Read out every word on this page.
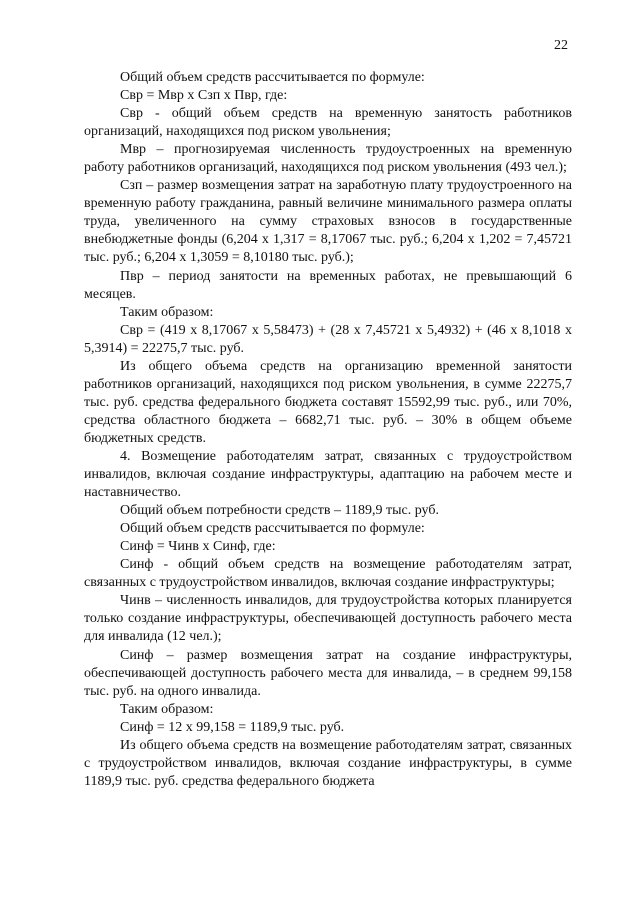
22

Общий объем средств рассчитывается по формуле:

Свр = Мвр х Сзп х Пвр, где:

Свр - общий объем средств на временную занятость работников организаций, находящихся под риском увольнения;

Мвр – прогнозируемая численность трудоустроенных на временную работу работников организаций, находящихся под риском увольнения (493 чел.);

Сзп – размер возмещения затрат на заработную плату трудоустроенного на временную работу гражданина, равный величине минимального размера оплаты труда, увеличенного на сумму страховых взносов в государственные внебюджетные фонды (6,204 х 1,317 = 8,17067 тыс. руб.; 6,204 х 1,202 = 7,45721 тыс. руб.; 6,204 х 1,3059 = 8,10180 тыс. руб.);

Пвр – период занятости на временных работах, не превышающий 6 месяцев.

Таким образом:

Свр = (419 х 8,17067 х 5,58473) + (28 х 7,45721 х 5,4932) + (46 х 8,1018 х 5,3914) = 22275,7 тыс. руб.

Из общего объема средств на организацию временной занятости работников организаций, находящихся под риском увольнения, в сумме 22275,7 тыс. руб. средства федерального бюджета составят 15592,99 тыс. руб., или 70%, средства областного бюджета – 6682,71 тыс. руб. – 30% в общем объеме бюджетных средств.

4. Возмещение работодателям затрат, связанных с трудоустройством инвалидов, включая создание инфраструктуры, адаптацию на рабочем месте и наставничество.

Общий объем потребности средств – 1189,9 тыс. руб.

Общий объем средств рассчитывается по формуле:

Синф = Чинв х Синф, где:

Синф - общий объем средств на возмещение работодателям затрат, связанных с трудоустройством инвалидов, включая создание инфраструктуры;

Чинв – численность инвалидов, для трудоустройства которых планируется только создание инфраструктуры, обеспечивающей доступность рабочего места для инвалида (12 чел.);

Синф – размер возмещения затрат на создание инфраструктуры, обеспечивающей доступность рабочего места для инвалида, – в среднем 99,158 тыс. руб. на одного инвалида.

Таким образом:

Синф = 12 х 99,158 = 1189,9 тыс. руб.

Из общего объема средств на возмещение работодателям затрат, связанных с трудоустройством инвалидов, включая создание инфраструктуры, в сумме 1189,9 тыс. руб. средства федерального бюджета
